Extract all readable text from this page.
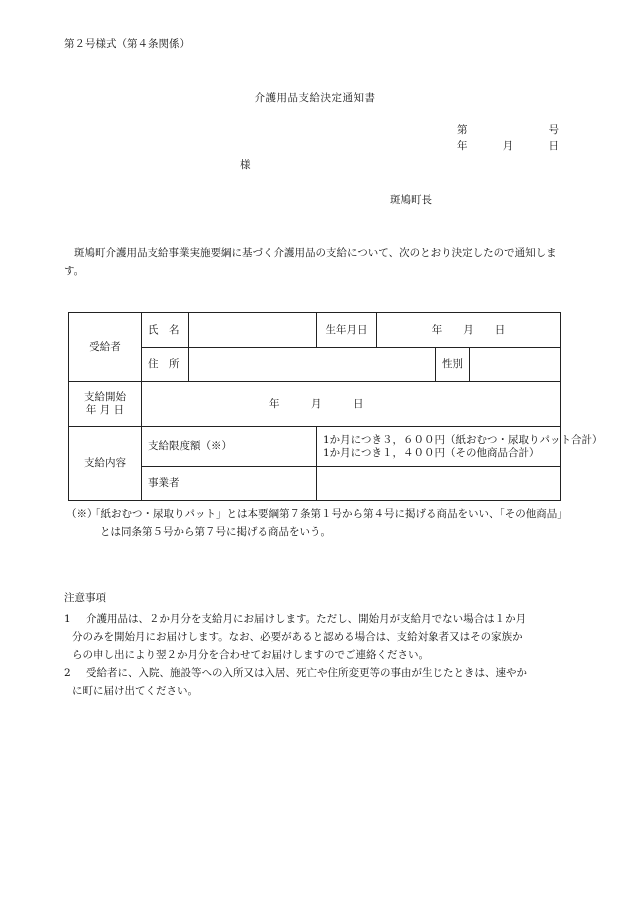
第２号様式（第４条関係）
介護用品支給決定通知書
第	号
年	月	日
様
斑鳩町長
斑鳩町介護用品支給事業実施要綱に基づく介護用品の支給について、次のとおり決定したので通知します。
受給者	氏　名		生年月日	年　　月　　日		
	住　所				性別	
支給開始
年 月 日	年　　　月　　　日					
支給内容	支給限度額（※）		1か月につき３，６００円（紙おむつ・尿取りパット合計）
1か月につき１，４００円（その他商品合計）			
	事業者					
（※）
「紙おむつ・尿取りパット」とは本要綱第７条第１号から第４号に掲げる商品をいい、「その他商品」とは同条第５号から第７号に掲げる商品をいう。
注意事項
1 介護用品は、２か月分を支給月にお届けします。ただし、開始月が支給月でない場合は１か月
分のみを開始月にお届けします。なお、必要があると認める場合は、支給対象者又はその家族か
らの申し出により翌２か月分を合わせてお届けしますのでご連絡ください。
2 受給者に、入院、施設等への入所又は入居、死亡や住所変更等の事由が生じたときは、速やか
に町に届け出てください。
